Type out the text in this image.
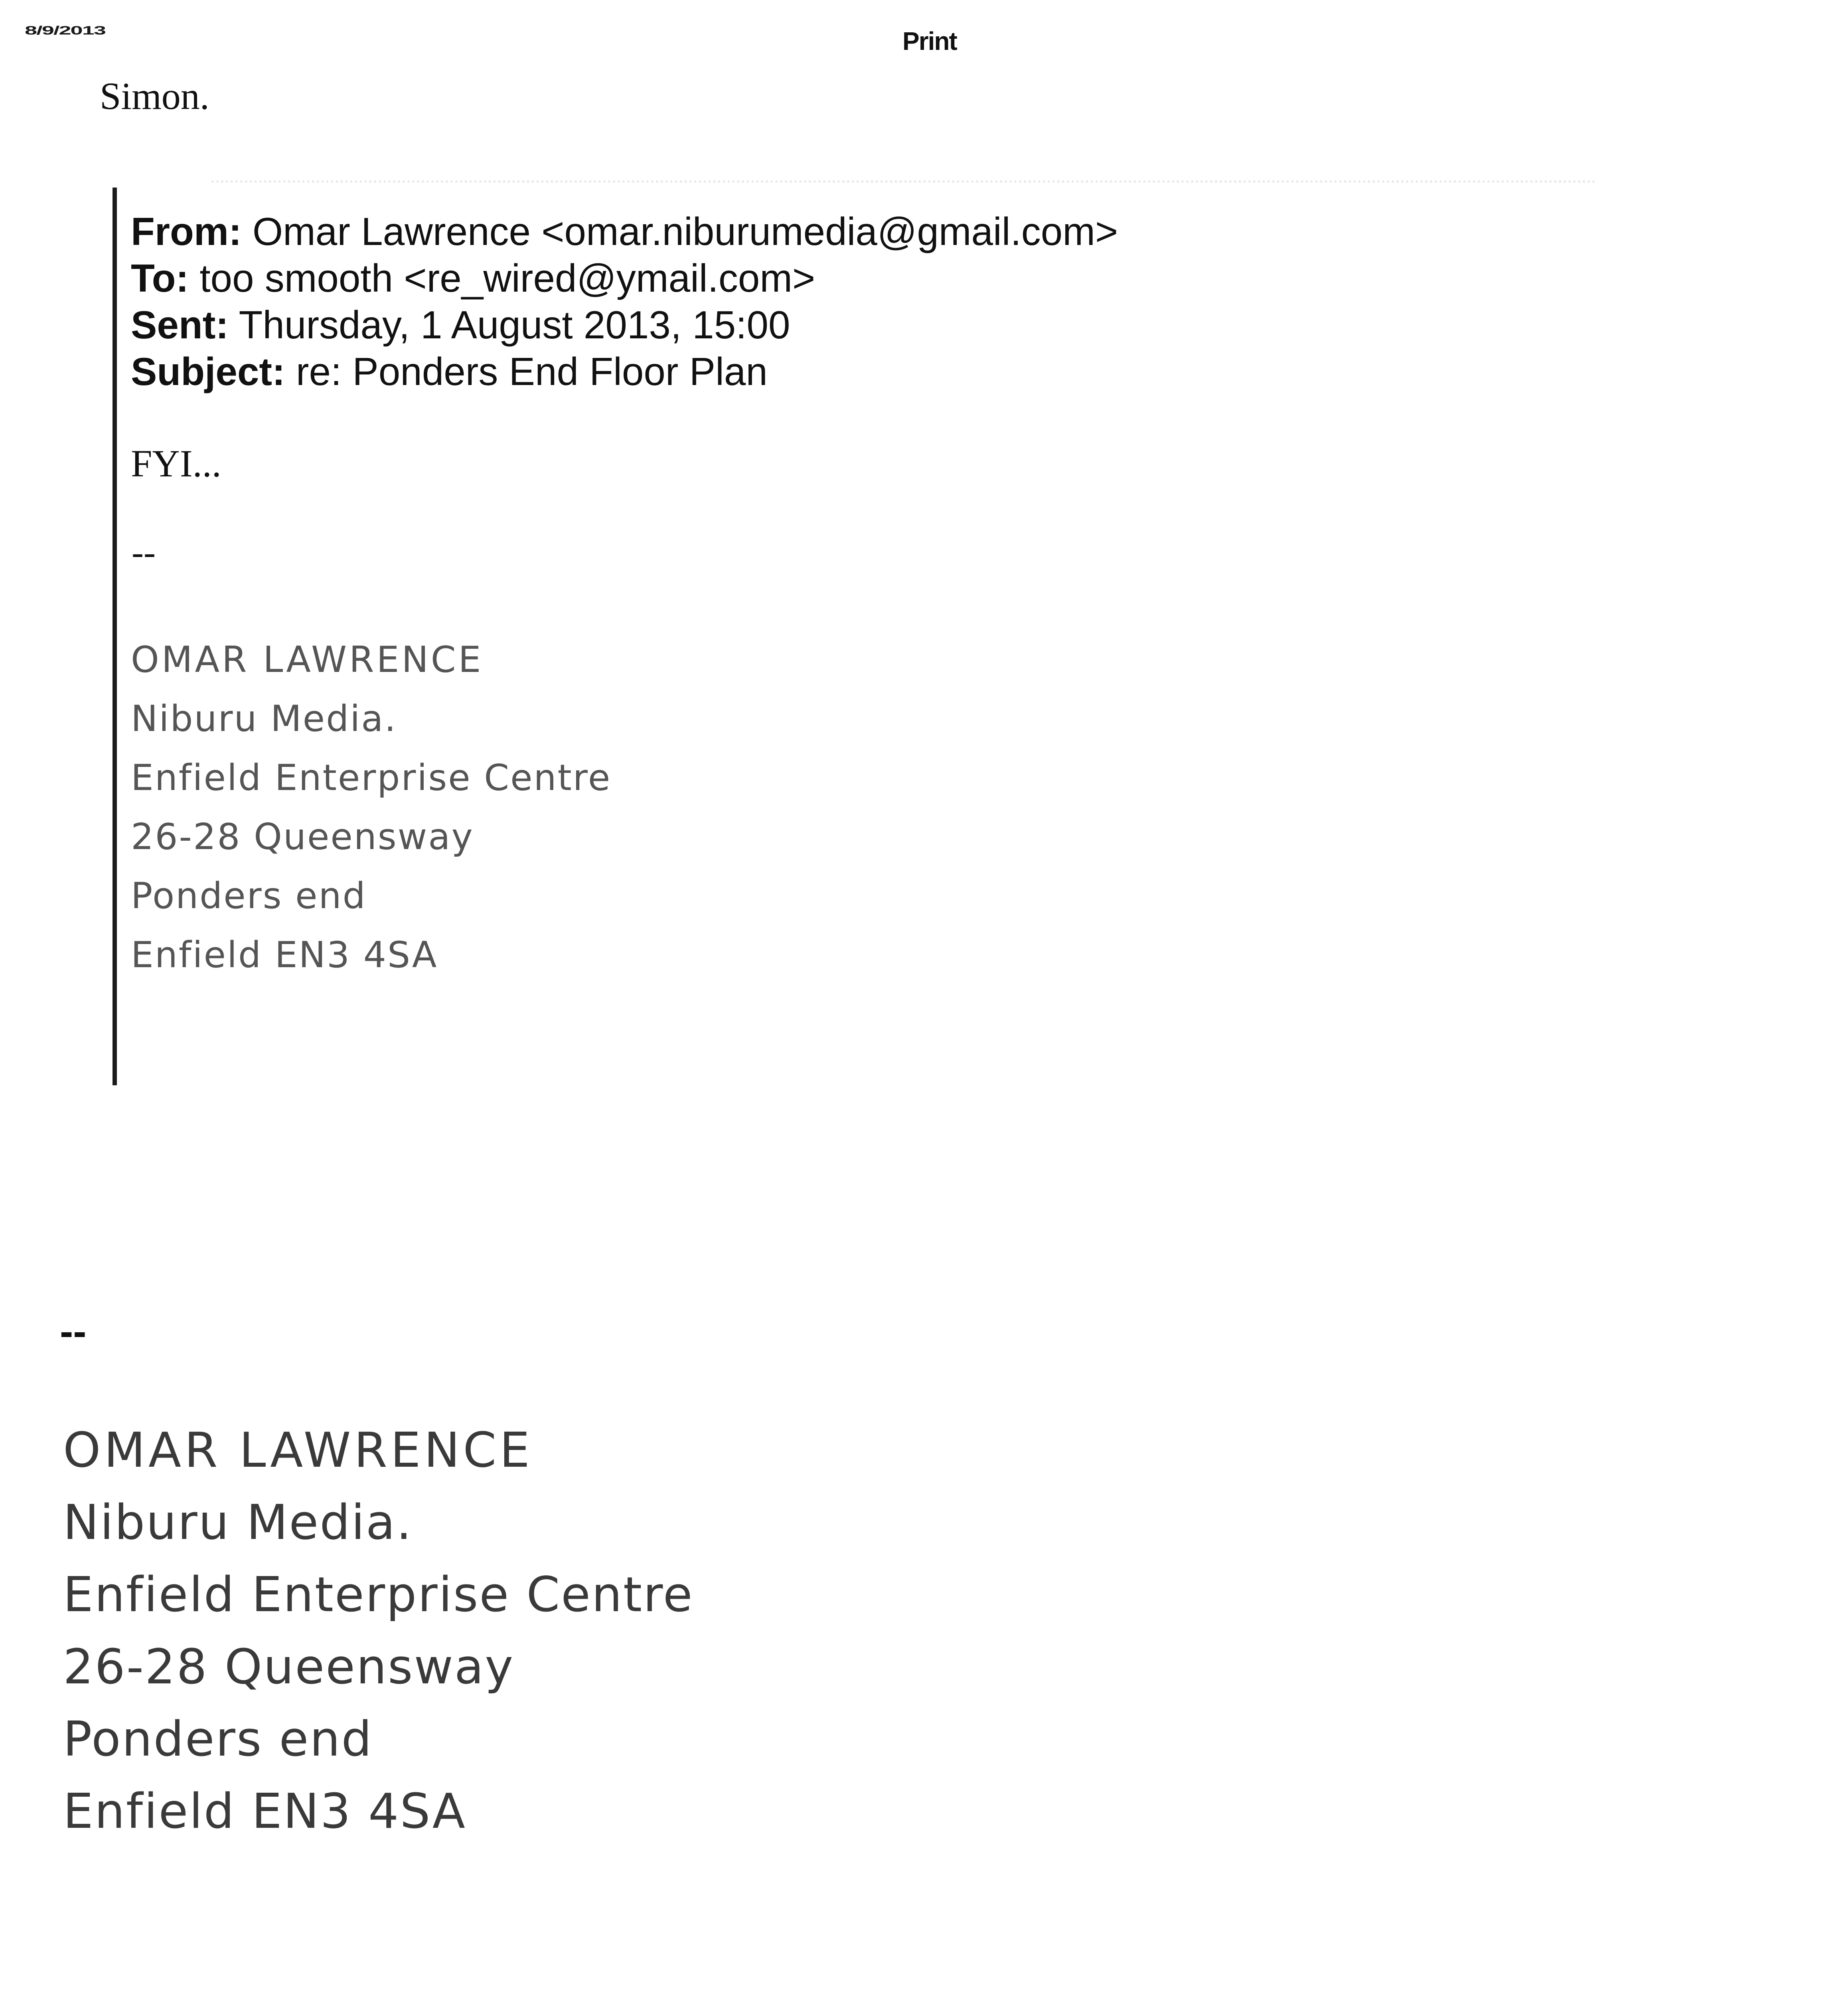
8/9/2013	Print
Simon.
From: Omar Lawrence <omar.niburumedia@gmail.com>
To: too smooth <re_wired@ymail.com>
Sent: Thursday, 1 August 2013, 15:00
Subject: re: Ponders End Floor Plan
FYI...
--
OMAR LAWRENCE
Niburu Media.
Enfield Enterprise Centre
26-28 Queensway
Ponders end
Enfield EN3 4SA
--
OMAR LAWRENCE
Niburu Media.
Enfield Enterprise Centre
26-28 Queensway
Ponders end
Enfield EN3 4SA
